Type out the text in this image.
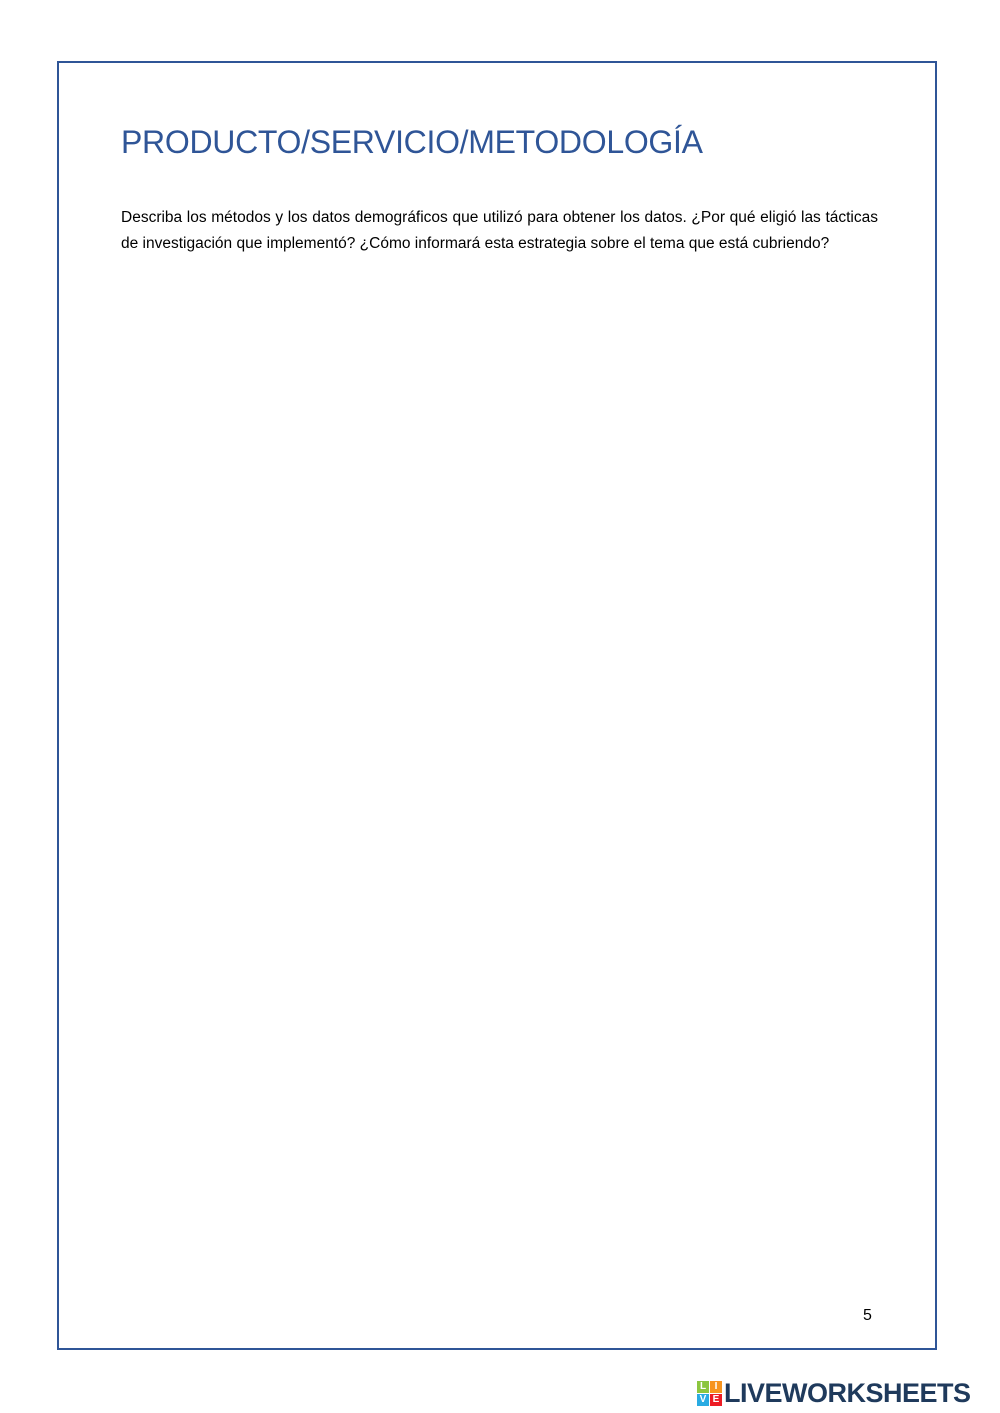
PRODUCTO/SERVICIO/METODOLOGÍA

Describa los métodos y los datos demográficos que utilizó para obtener los datos. ¿Por qué eligió las tácticas de investigación que implementó? ¿Cómo informará esta estrategia sobre el tema que está cubriendo?

5
L I
V E LIVEWORKSHEETS
